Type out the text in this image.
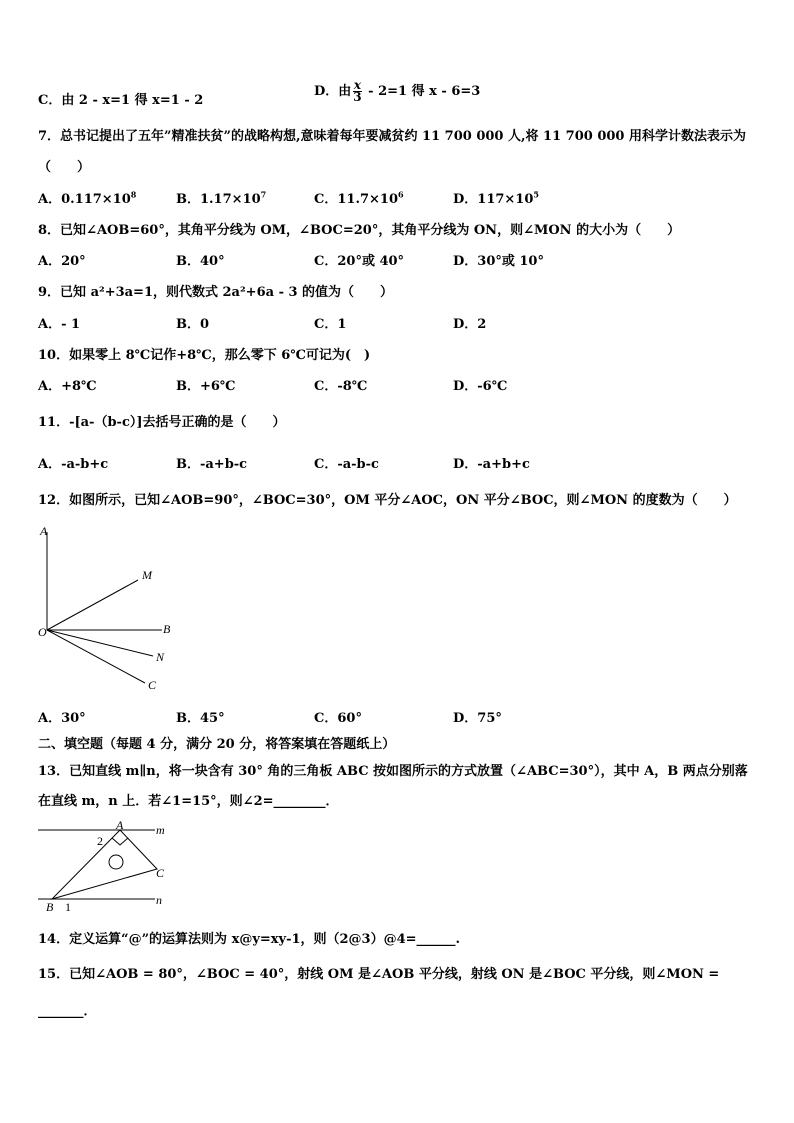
C．由 2 - x=1 得 x=1 - 2
D．由 $\frac{x}{3} - 2=1$ 得 x - 6=3
7．总书记提出了五年”精准扶贫”的战略构想,意味着每年要减贫约 11 700 000 人,将 11 700 000 用科学计数法表示为
（　　）
A．$0.117\times 10^8$	B．$1.17\times 10^7$	C．$11.7\times 10^6$	D．$117\times 10^5$
8．已知∠AOB=60°，其角平分线为 OM，∠BOC=20°，其角平分线为 ON，则∠MON 的大小为（　　）
A．20°	B．40°	C．20°或 40°	D．30°或 10°
9．已知 a²+3a=1，则代数式 2a²+6a - 3 的值为（　　）
A．- 1	B．0	C．1	D．2
10．如果零上 8℃记作+8℃，那么零下 6℃可记为(　)
A．+8℃	B．+6℃	C．-8℃	D．-6℃
11．-[a-（b-c）]去括号正确的是（　　）
A．-a-b+c	B．-a+b-c	C．-a-b-c	D．-a+b+c
12．如图所示，已知∠AOB=90°，∠BOC=30°，OM 平分∠AOC，ON 平分∠BOC，则∠MON 的度数为（　　）
A
M
O	B
N
C
A．30°	B．45°	C．60°	D．75°
二、填空题（每题 4 分，满分 20 分，将答案填在答题纸上）
13．已知直线 m∥n，将一块含有 30° 角的三角板 ABC 按如图所示的方式放置（∠ABC=30°），其中 A，B 两点分别落
在直线 m，n 上．若∠1=15°，则∠2=________．
A	m
2
C
B 1	n
14．定义运算“@”的运算法则为 x@y=xy-1，则（2@3）@4=______.
15．已知∠AOB = 80°，∠BOC = 40°，射线 OM 是∠AOB 平分线，射线 ON 是∠BOC 平分线，则∠MON =
_______．
